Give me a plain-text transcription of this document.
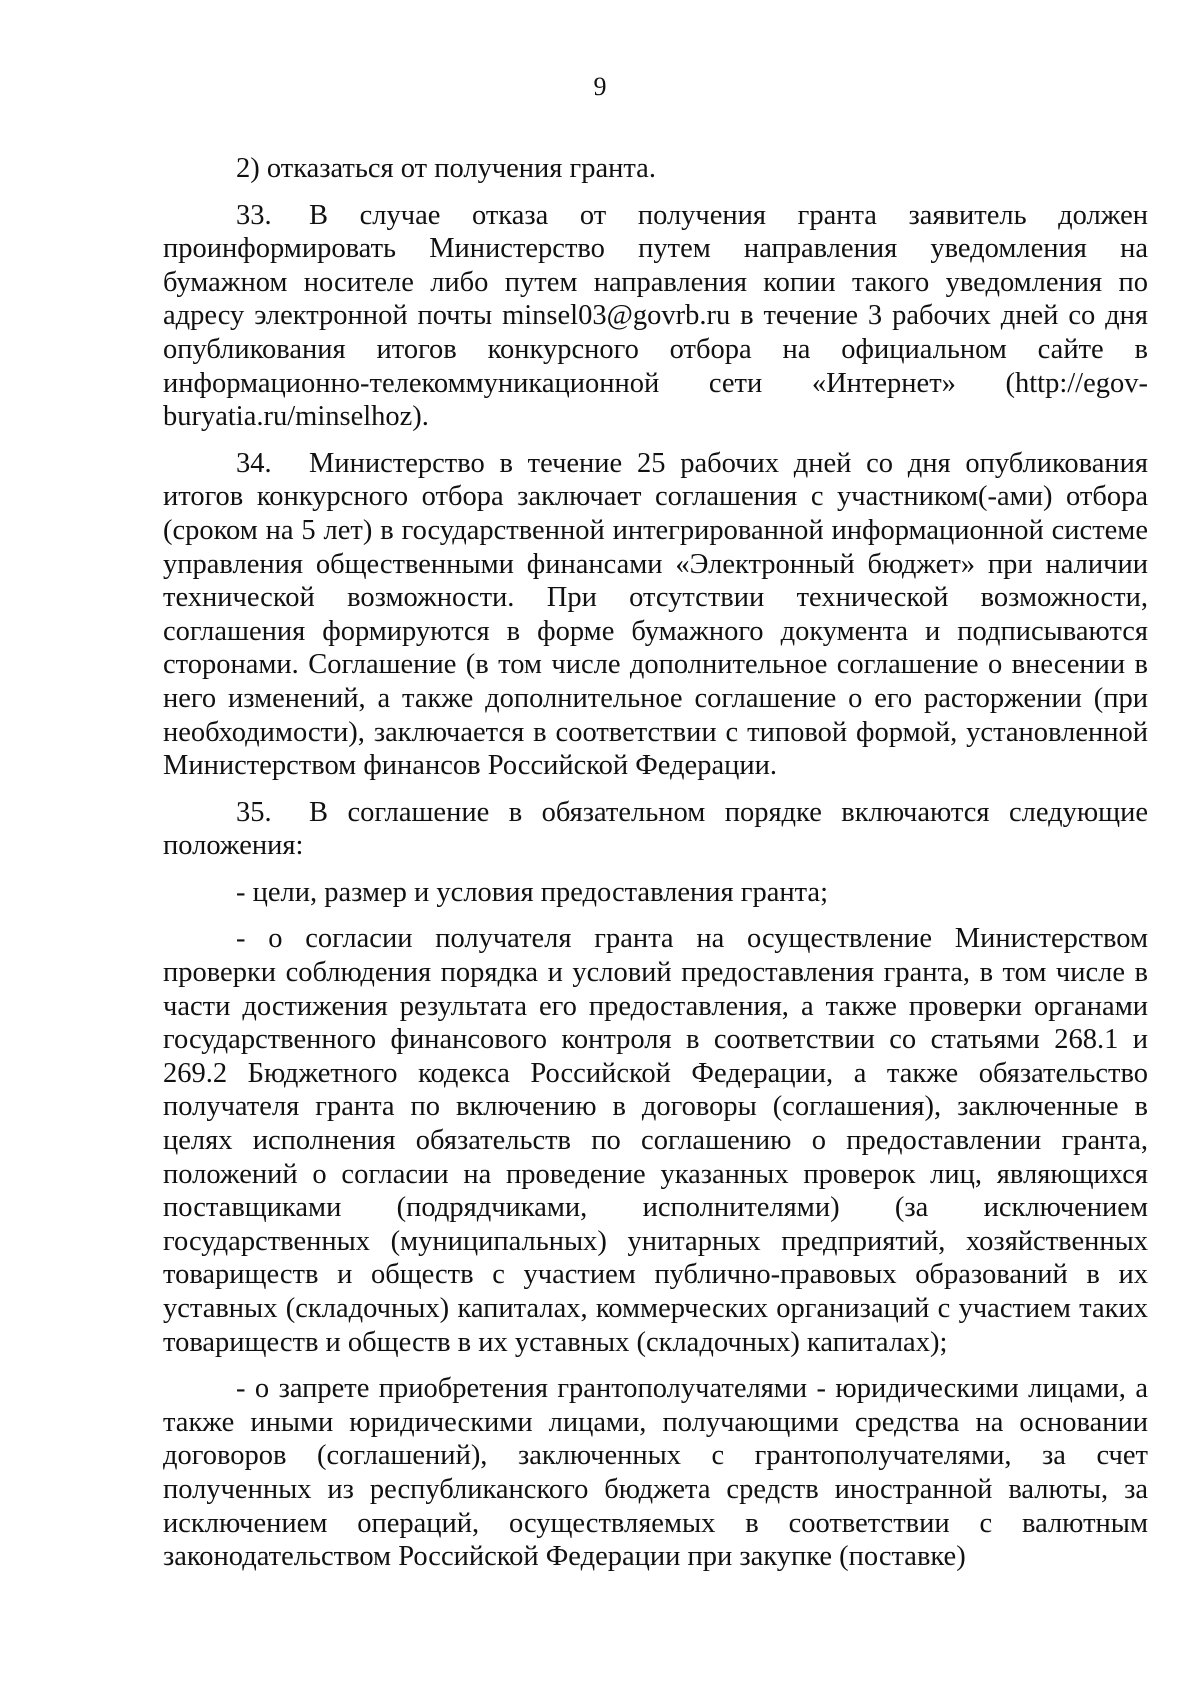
9

2) отказаться от получения гранта.

33. В случае отказа от получения гранта заявитель должен проинформировать Министерство путем направления уведомления на бумажном носителе либо путем направления копии такого уведомления по адресу электронной почты minsel03@govrb.ru в течение 3 рабочих дней со дня опубликования итогов конкурсного отбора на официальном сайте в информационно-телекоммуникационной сети «Интернет» (http://egov-buryatia.ru/minselhoz).

34. Министерство в течение 25 рабочих дней со дня опубликования итогов конкурсного отбора заключает соглашения с участником(-ами) отбора (сроком на 5 лет) в государственной интегрированной информационной системе управления общественными финансами «Электронный бюджет» при наличии технической возможности. При отсутствии технической возможности, соглашения формируются в форме бумажного документа и подписываются сторонами. Соглашение (в том числе дополнительное соглашение о внесении в него изменений, а также дополнительное соглашение о его расторжении (при необходимости), заключается в соответствии с типовой формой, установленной Министерством финансов Российской Федерации.

35. В соглашение в обязательном порядке включаются следующие положения:

- цели, размер и условия предоставления гранта;

- о согласии получателя гранта на осуществление Министерством проверки соблюдения порядка и условий предоставления гранта, в том числе в части достижения результата его предоставления, а также проверки органами государственного финансового контроля в соответствии со статьями 268.1 и 269.2 Бюджетного кодекса Российской Федерации, а также обязательство получателя гранта по включению в договоры (соглашения), заключенные в целях исполнения обязательств по соглашению о предоставлении гранта, положений о согласии на проведение указанных проверок лиц, являющихся поставщиками (подрядчиками, исполнителями) (за исключением государственных (муниципальных) унитарных предприятий, хозяйственных товариществ и обществ с участием публично-правовых образований в их уставных (складочных) капиталах, коммерческих организаций с участием таких товариществ и обществ в их уставных (складочных) капиталах);

- о запрете приобретения грантополучателями - юридическими лицами, а также иными юридическими лицами, получающими средства на основании договоров (соглашений), заключенных с грантополучателями, за счет полученных из республиканского бюджета средств иностранной валюты, за исключением операций, осуществляемых в соответствии с валютным законодательством Российской Федерации при закупке (поставке)
